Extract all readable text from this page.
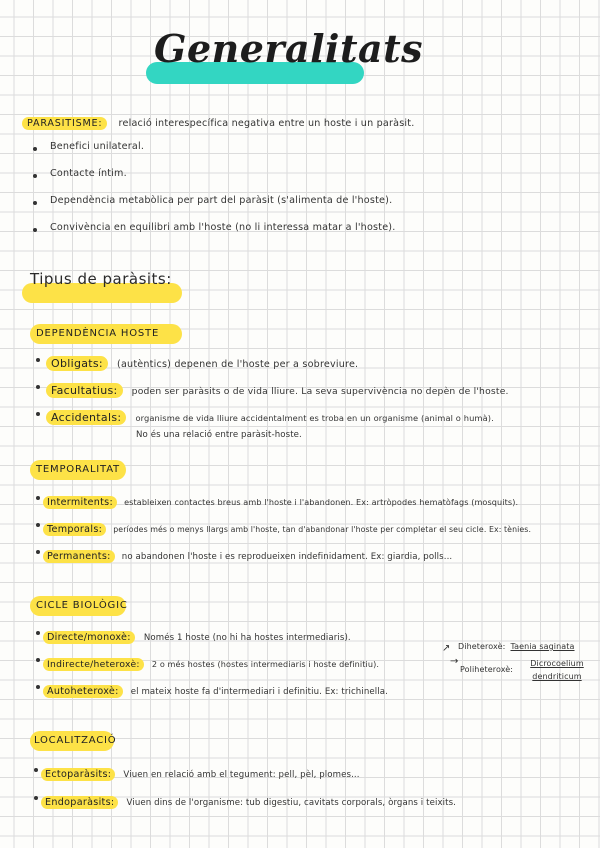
Generalitats
PARASITISME: relació interespecífica negativa entre un hoste i un paràsit.
Benefici unilateral.
Contacte íntim.
Dependència metabòlica per part del paràsit (s'alimenta de l'hoste).
Convivència en equilibri amb l'hoste (no li interessa matar a l'hoste).
Tipus de paràsits:
DEPENDÈNCIA HOSTE
Obligats: (autèntics) depenen de l'hoste per a sobreviure.
Facultatius: poden ser paràsits o de vida lliure. La seva supervivència no depèn de l'hoste.
Accidentals: organisme de vida lliure accidentalment es troba en un organisme (animal o humà).
No és una relació entre paràsit-hoste.
TEMPORALITAT
Intermitents: estableixen contactes breus amb l'hoste i l'abandonen. Ex: artròpodes hematòfags (mosquits).
Temporals: períodes més o menys llargs amb l'hoste, tan d'abandonar l'hoste per completar el seu cicle. Ex: tènies.
Permanents: no abandonen l'hoste i es reprodueixen indefinidament. Ex: giardia, polls...
CICLE BIOLÒGIC
Directe/monoxè: Només 1 hoste (no hi ha hostes intermediaris).
Indirecte/heteroxè: 2 o més hostes (hostes intermediaris i hoste definitiu).
Autoheteroxè: el mateix hoste fa d'intermediari i definitiu. Ex: trichinella.
↗ Diheteroxè: Taenia saginata
→
Poliheteroxè:
Dicrocoelium dendriticum
LOCALITZACIÓ
Ectoparàsits: Viuen en relació amb el tegument: pell, pèl, plomes...
Endoparàsits: Viuen dins de l'organisme: tub digestiu, cavitats corporals, òrgans i teixits.
